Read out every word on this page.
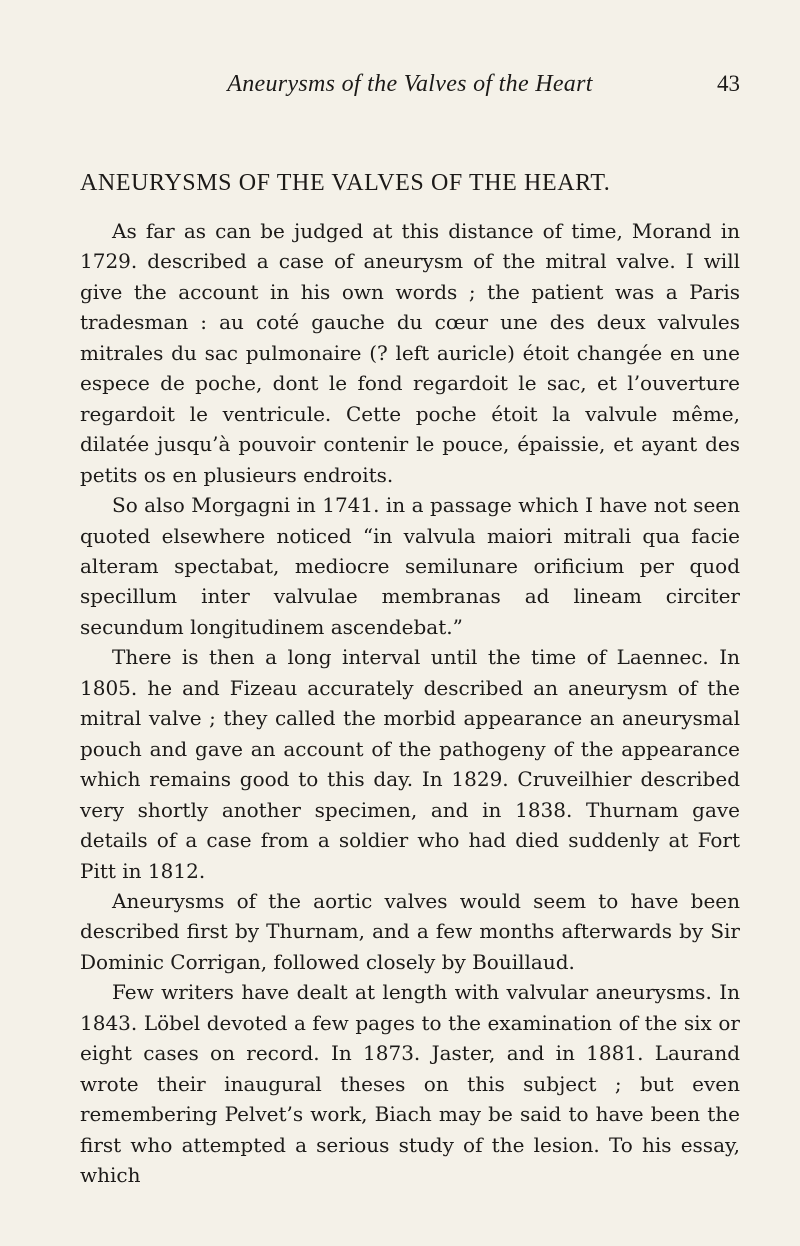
Aneurysms of the Valves of the Heart	43
ANEURYSMS OF THE VALVES OF THE HEART.

As far as can be judged at this distance of time, Morand in 1729. described a case of aneurysm of the mitral valve. I will give the account in his own words ; the patient was a Paris tradesman : au coté gauche du cœur une des deux valvules mitrales du sac pulmonaire (? left auricle) étoit changée en une espece de poche, dont le fond regardoit le sac, et l’ouverture regardoit le ventricule. Cette poche étoit la valvule même, dilatée jusqu’à pouvoir contenir le pouce, épaissie, et ayant des petits os en plusieurs endroits.

So also Morgagni in 1741. in a passage which I have not seen quoted elsewhere noticed “in valvula maiori mitrali qua facie alteram spectabat, mediocre semilunare orificium per quod specillum inter valvulae membranas ad lineam circiter secundum longitudinem ascendebat.”

There is then a long interval until the time of Laennec. In 1805. he and Fizeau accurately described an aneurysm of the mitral valve ; they called the morbid appearance an aneurysmal pouch and gave an account of the pathogeny of the appearance which remains good to this day. In 1829. Cruveilhier described very shortly another specimen, and in 1838. Thurnam gave details of a case from a soldier who had died suddenly at Fort Pitt in 1812.

Aneurysms of the aortic valves would seem to have been described first by Thurnam, and a few months afterwards by Sir Dominic Corrigan, followed closely by Bouillaud.

Few writers have dealt at length with valvular aneurysms. In 1843. Löbel devoted a few pages to the examination of the six or eight cases on record. In 1873. Jaster, and in 1881. Laurand wrote their inaugural theses on this subject ; but even remembering Pelvet’s work, Biach may be said to have been the first who attempted a serious study of the lesion. To his essay, which
